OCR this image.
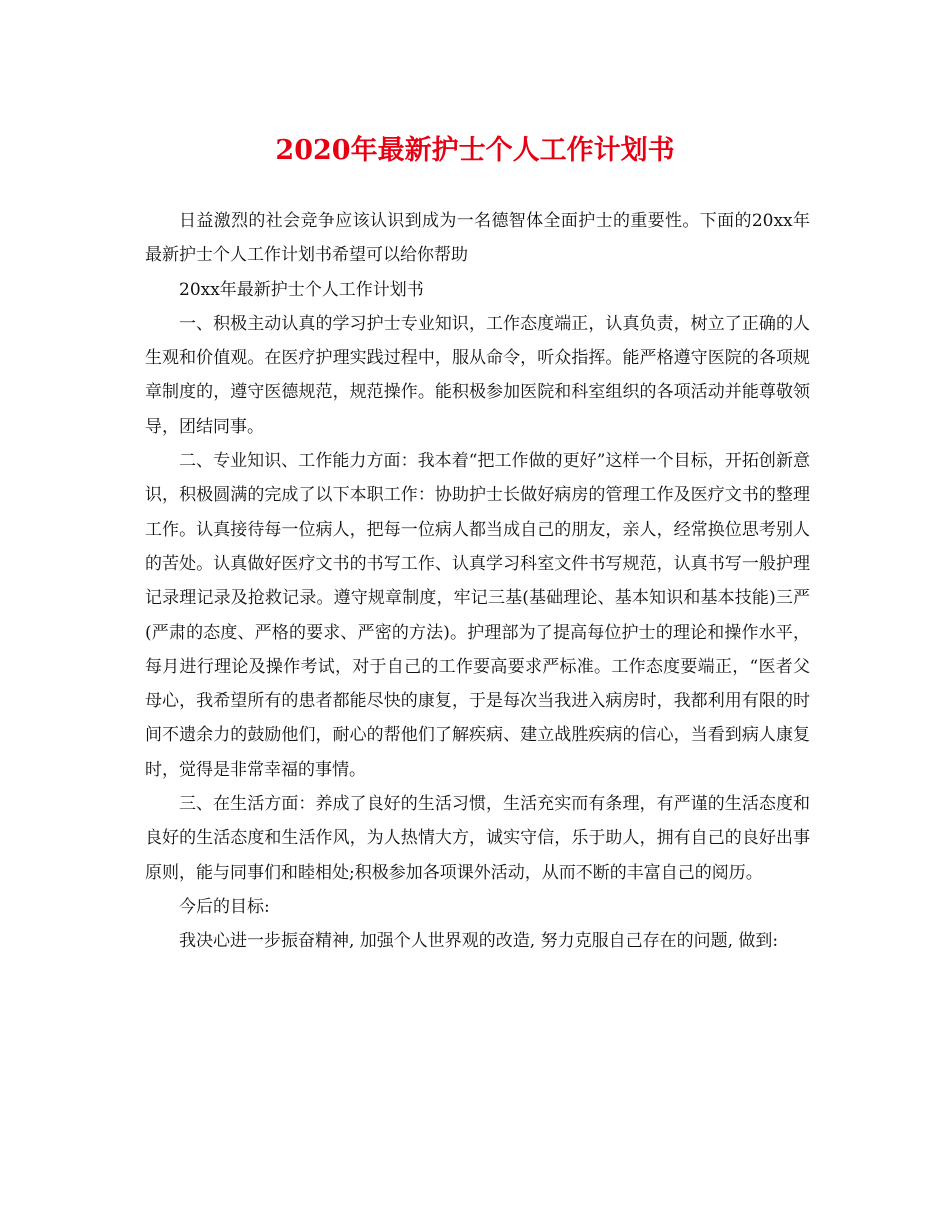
2020年最新护士个人工作计划书

日益激烈的社会竞争应该认识到成为一名德智体全面护士的重要性。下面的20xx年最新护士个人工作计划书希望可以给你帮助

20xx年最新护士个人工作计划书

一、积极主动认真的学习护士专业知识，工作态度端正，认真负责，树立了正确的人生观和价值观。在医疗护理实践过程中，服从命令，听众指挥。能严格遵守医院的各项规章制度的，遵守医德规范，规范操作。能积极参加医院和科室组织的各项活动并能尊敬领导，团结同事。

二、专业知识、工作能力方面：我本着“把工作做的更好”这样一个目标，开拓创新意识，积极圆满的完成了以下本职工作：协助护士长做好病房的管理工作及医疗文书的整理工作。认真接待每一位病人，把每一位病人都当成自己的朋友，亲人，经常换位思考别人的苦处。认真做好医疗文书的书写工作、认真学习科室文件书写规范，认真书写一般护理记录理记录及抢救记录。遵守规章制度，牢记三基(基础理论、基本知识和基本技能)三严(严肃的态度、严格的要求、严密的方法)。护理部为了提高每位护士的理论和操作水平，每月进行理论及操作考试，对于自己的工作要高要求严标准。工作态度要端正，“医者父母心，我希望所有的患者都能尽快的康复，于是每次当我进入病房时，我都利用有限的时间不遗余力的鼓励他们，耐心的帮他们了解疾病、建立战胜疾病的信心，当看到病人康复时，觉得是非常幸福的事情。

三、在生活方面：养成了良好的生活习惯，生活充实而有条理，有严谨的生活态度和良好的生活态度和生活作风，为人热情大方，诚实守信，乐于助人，拥有自己的良好出事原则，能与同事们和睦相处;积极参加各项课外活动，从而不断的丰富自己的阅历。

今后的目标:

我决心进一步振奋精神, 加强个人世界观的改造, 努力克服自己存在的问题, 做到:
